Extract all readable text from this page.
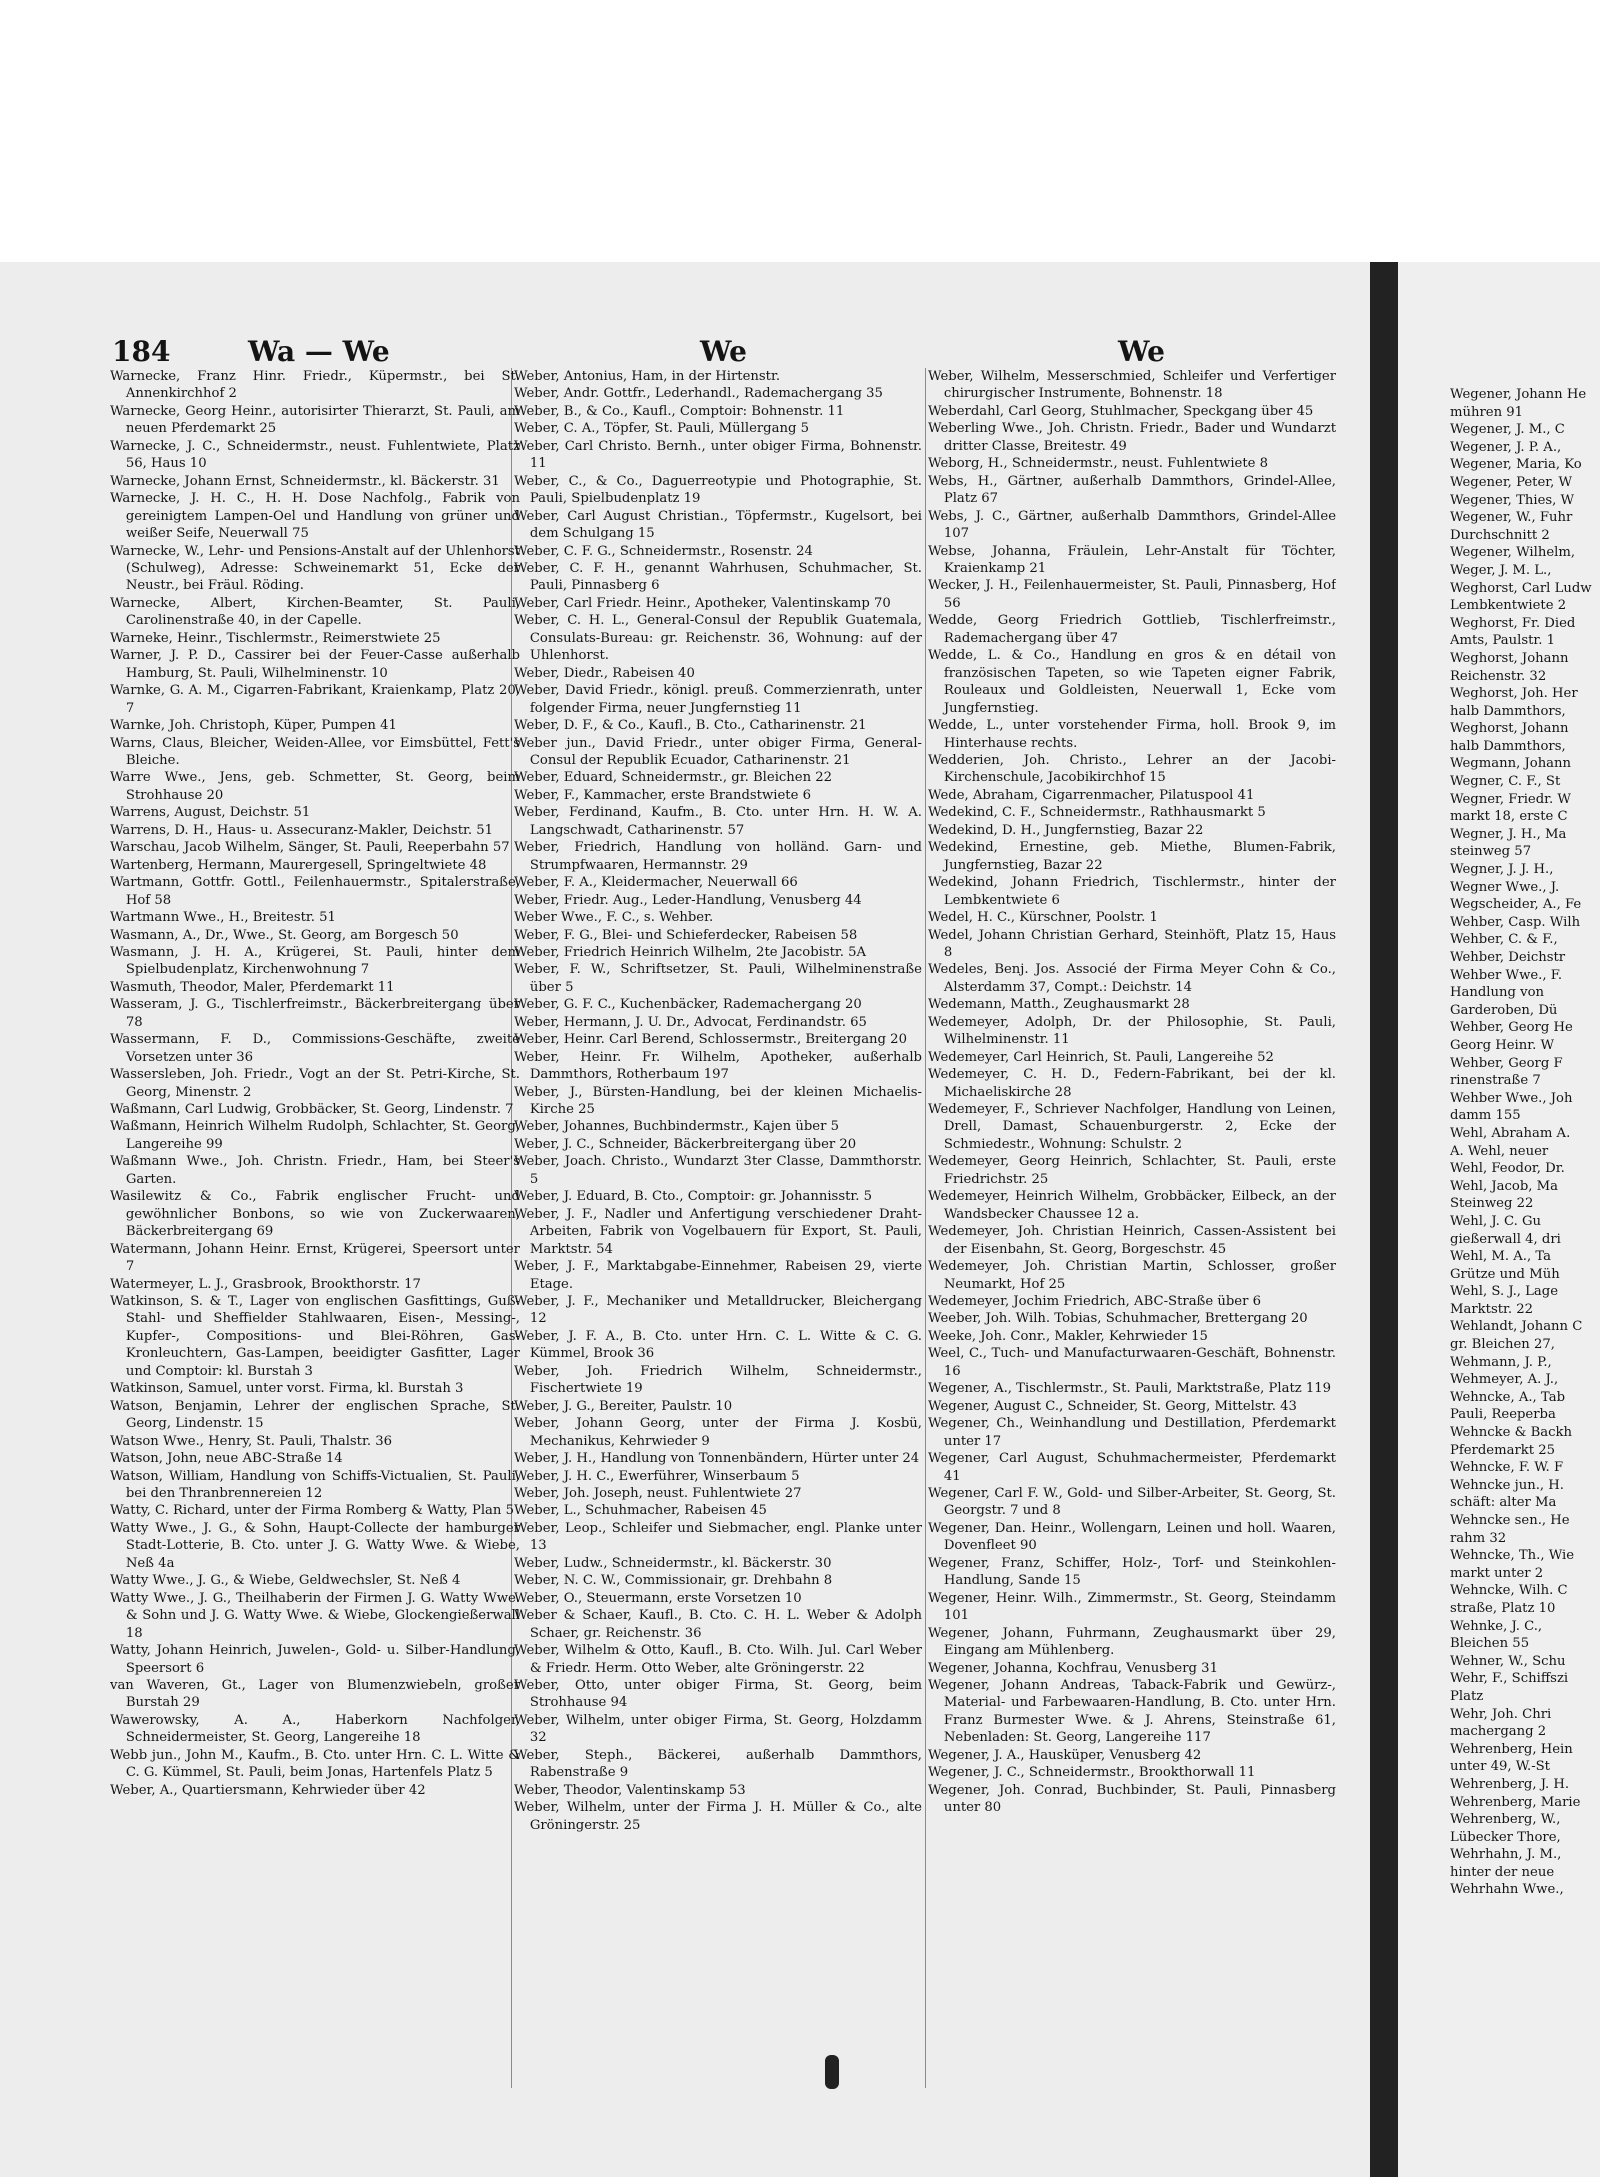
184	Wa — We	We	We

Warnecke, Franz Hinr. Friedr., Küpermstr., bei St. Annenkirchhof 2

Warnecke, Georg Heinr., autorisirter Thierarzt, St. Pauli, am neuen Pferdemarkt 25

Warnecke, J. C., Schneidermstr., neust. Fuhlentwiete, Platz 56, Haus 10

Warnecke, Johann Ernst, Schneidermstr., kl. Bäckerstr. 31

Warnecke, J. H. C., H. H. Dose Nachfolg., Fabrik von gereinigtem Lampen-Oel und Handlung von grüner und weißer Seife, Neuerwall 75

Warnecke, W., Lehr- und Pensions-Anstalt auf der Uhlenhorst (Schulweg), Adresse: Schweinemarkt 51, Ecke der Neustr., bei Fräul. Röding.

Warnecke, Albert, Kirchen-Beamter, St. Pauli, Carolinenstraße 40, in der Capelle.

Warneke, Heinr., Tischlermstr., Reimerstwiete 25

Warner, J. P. D., Cassirer bei der Feuer-Casse außerhalb Hamburg, St. Pauli, Wilhelminenstr. 10

Warnke, G. A. M., Cigarren-Fabrikant, Kraienkamp, Platz 20, 7

Warnke, Joh. Christoph, Küper, Pumpen 41

Warns, Claus, Bleicher, Weiden-Allee, vor Eimsbüttel, Fett's Bleiche.

Warre Wwe., Jens, geb. Schmetter, St. Georg, beim Strohhause 20

Warrens, August, Deichstr. 51

Warrens, D. H., Haus- u. Assecuranz-Makler, Deichstr. 51

Warschau, Jacob Wilhelm, Sänger, St. Pauli, Reeperbahn 57

Wartenberg, Hermann, Maurergesell, Springeltwiete 48

Wartmann, Gottfr. Gottl., Feilenhauermstr., Spitalerstraße, Hof 58

Wartmann Wwe., H., Breitestr. 51

Wasmann, A., Dr., Wwe., St. Georg, am Borgesch 50

Wasmann, J. H. A., Krügerei, St. Pauli, hinter dem Spielbudenplatz, Kirchenwohnung 7

Wasmuth, Theodor, Maler, Pferdemarkt 11

Wasseram, J. G., Tischlerfreimstr., Bäckerbreitergang über 78

Wassermann, F. D., Commissions-Geschäfte, zweite Vorsetzen unter 36

Wassersleben, Joh. Friedr., Vogt an der St. Petri-Kirche, St. Georg, Minenstr. 2

Waßmann, Carl Ludwig, Grobbäcker, St. Georg, Lindenstr. 7

Waßmann, Heinrich Wilhelm Rudolph, Schlachter, St. Georg, Langereihe 99

Waßmann Wwe., Joh. Christn. Friedr., Ham, bei Steer's Garten.

Wasilewitz & Co., Fabrik englischer Frucht- und gewöhnlicher Bonbons, so wie von Zuckerwaaren, Bäckerbreitergang 69

Watermann, Johann Heinr. Ernst, Krügerei, Speersort unter 7

Watermeyer, L. J., Grasbrook, Brookthorstr. 17

Watkinson, S. & T., Lager von englischen Gasfittings, Guß-Stahl- und Sheffielder Stahlwaaren, Eisen-, Messing-, Kupfer-, Compositions- und Blei-Röhren, Gas-Kronleuchtern, Gas-Lampen, beeidigter Gasfitter, Lager und Comptoir: kl. Burstah 3

Watkinson, Samuel, unter vorst. Firma, kl. Burstah 3

Watson, Benjamin, Lehrer der englischen Sprache, St. Georg, Lindenstr. 15

Watson Wwe., Henry, St. Pauli, Thalstr. 36

Watson, John, neue ABC-Straße 14

Watson, William, Handlung von Schiffs-Victualien, St. Pauli, bei den Thranbrennereien 12

Watty, C. Richard, unter der Firma Romberg & Watty, Plan 5

Watty Wwe., J. G., & Sohn, Haupt-Collecte der hamburger Stadt-Lotterie, B. Cto. unter J. G. Watty Wwe. & Wiebe, Neß 4a

Watty Wwe., J. G., & Wiebe, Geldwechsler, St. Neß 4

Watty Wwe., J. G., Theilhaberin der Firmen J. G. Watty Wwe. & Sohn und J. G. Watty Wwe. & Wiebe, Glockengießerwall 18

Watty, Johann Heinrich, Juwelen-, Gold- u. Silber-Handlung, Speersort 6

van Waveren, Gt., Lager von Blumenzwiebeln, großer Burstah 29

Wawerowsky, A. A., Haberkorn Nachfolger, Schneidermeister, St. Georg, Langereihe 18

Webb jun., John M., Kaufm., B. Cto. unter Hrn. C. L. Witte & C. G. Kümmel, St. Pauli, beim Jonas, Hartenfels Platz 5

Weber, A., Quartiersmann, Kehrwieder über 42

Weber, Antonius, Ham, in der Hirtenstr.

Weber, Andr. Gottfr., Lederhandl., Rademachergang 35

Weber, B., & Co., Kaufl., Comptoir: Bohnenstr. 11

Weber, C. A., Töpfer, St. Pauli, Müllergang 5

Weber, Carl Christo. Bernh., unter obiger Firma, Bohnenstr. 11

Weber, C., & Co., Daguerreotypie und Photographie, St. Pauli, Spielbudenplatz 19

Weber, Carl August Christian., Töpfermstr., Kugelsort, bei dem Schulgang 15

Weber, C. F. G., Schneidermstr., Rosenstr. 24

Weber, C. F. H., genannt Wahrhusen, Schuhmacher, St. Pauli, Pinnasberg 6

Weber, Carl Friedr. Heinr., Apotheker, Valentinskamp 70

Weber, C. H. L., General-Consul der Republik Guatemala, Consulats-Bureau: gr. Reichenstr. 36, Wohnung: auf der Uhlenhorst.

Weber, Diedr., Rabeisen 40

Weber, David Friedr., königl. preuß. Commerzienrath, unter folgender Firma, neuer Jungfernstieg 11

Weber, D. F., & Co., Kaufl., B. Cto., Catharinenstr. 21

Weber jun., David Friedr., unter obiger Firma, General-Consul der Republik Ecuador, Catharinenstr. 21

Weber, Eduard, Schneidermstr., gr. Bleichen 22

Weber, F., Kammacher, erste Brandstwiete 6

Weber, Ferdinand, Kaufm., B. Cto. unter Hrn. H. W. A. Langschwadt, Catharinenstr. 57

Weber, Friedrich, Handlung von holländ. Garn- und Strumpfwaaren, Hermannstr. 29

Weber, F. A., Kleidermacher, Neuerwall 66

Weber, Friedr. Aug., Leder-Handlung, Venusberg 44

Weber Wwe., F. C., s. Wehber.

Weber, F. G., Blei- und Schieferdecker, Rabeisen 58

Weber, Friedrich Heinrich Wilhelm, 2te Jacobistr. 5A

Weber, F. W., Schriftsetzer, St. Pauli, Wilhelminenstraße über 5

Weber, G. F. C., Kuchenbäcker, Rademachergang 20

Weber, Hermann, J. U. Dr., Advocat, Ferdinandstr. 65

Weber, Heinr. Carl Berend, Schlossermstr., Breitergang 20

Weber, Heinr. Fr. Wilhelm, Apotheker, außerhalb Dammthors, Rotherbaum 197

Weber, J., Bürsten-Handlung, bei der kleinen Michaelis-Kirche 25

Weber, Johannes, Buchbindermstr., Kajen über 5

Weber, J. C., Schneider, Bäckerbreitergang über 20

Weber, Joach. Christo., Wundarzt 3ter Classe, Dammthorstr. 5

Weber, J. Eduard, B. Cto., Comptoir: gr. Johannisstr. 5

Weber, J. F., Nadler und Anfertigung verschiedener Draht-Arbeiten, Fabrik von Vogelbauern für Export, St. Pauli, Marktstr. 54

Weber, J. F., Marktabgabe-Einnehmer, Rabeisen 29, vierte Etage.

Weber, J. F., Mechaniker und Metalldrucker, Bleichergang 12

Weber, J. F. A., B. Cto. unter Hrn. C. L. Witte & C. G. Kümmel, Brook 36

Weber, Joh. Friedrich Wilhelm, Schneidermstr., Fischertwiete 19

Weber, J. G., Bereiter, Paulstr. 10

Weber, Johann Georg, unter der Firma J. Kosbü, Mechanikus, Kehrwieder 9

Weber, J. H., Handlung von Tonnenbändern, Hürter unter 24

Weber, J. H. C., Ewerführer, Winserbaum 5

Weber, Joh. Joseph, neust. Fuhlentwiete 27

Weber, L., Schuhmacher, Rabeisen 45

Weber, Leop., Schleifer und Siebmacher, engl. Planke unter 13

Weber, Ludw., Schneidermstr., kl. Bäckerstr. 30

Weber, N. C. W., Commissionair, gr. Drehbahn 8

Weber, O., Steuermann, erste Vorsetzen 10

Weber & Schaer, Kaufl., B. Cto. C. H. L. Weber & Adolph Schaer, gr. Reichenstr. 36

Weber, Wilhelm & Otto, Kaufl., B. Cto. Wilh. Jul. Carl Weber & Friedr. Herm. Otto Weber, alte Gröningerstr. 22

Weber, Otto, unter obiger Firma, St. Georg, beim Strohhause 94

Weber, Wilhelm, unter obiger Firma, St. Georg, Holzdamm 32

Weber, Steph., Bäckerei, außerhalb Dammthors, Rabenstraße 9

Weber, Theodor, Valentinskamp 53

Weber, Wilhelm, unter der Firma J. H. Müller & Co., alte Gröningerstr. 25

Weber, Wilhelm, Messerschmied, Schleifer und Verfertiger chirurgischer Instrumente, Bohnenstr. 18

Weberdahl, Carl Georg, Stuhlmacher, Speckgang über 45

Weberling Wwe., Joh. Christn. Friedr., Bader und Wundarzt dritter Classe, Breitestr. 49

Weborg, H., Schneidermstr., neust. Fuhlentwiete 8

Webs, H., Gärtner, außerhalb Dammthors, Grindel-Allee, Platz 67

Webs, J. C., Gärtner, außerhalb Dammthors, Grindel-Allee 107

Webse, Johanna, Fräulein, Lehr-Anstalt für Töchter, Kraienkamp 21

Wecker, J. H., Feilenhauermeister, St. Pauli, Pinnasberg, Hof 56

Wedde, Georg Friedrich Gottlieb, Tischlerfreimstr., Rademachergang über 47

Wedde, L. & Co., Handlung en gros & en détail von französischen Tapeten, so wie Tapeten eigner Fabrik, Rouleaux und Goldleisten, Neuerwall 1, Ecke vom Jungfernstieg.

Wedde, L., unter vorstehender Firma, holl. Brook 9, im Hinterhause rechts.

Wedderien, Joh. Christo., Lehrer an der Jacobi-Kirchenschule, Jacobikirchhof 15

Wede, Abraham, Cigarrenmacher, Pilatuspool 41

Wedekind, C. F., Schneidermstr., Rathhausmarkt 5

Wedekind, D. H., Jungfernstieg, Bazar 22

Wedekind, Ernestine, geb. Miethe, Blumen-Fabrik, Jungfernstieg, Bazar 22

Wedekind, Johann Friedrich, Tischlermstr., hinter der Lembkentwiete 6

Wedel, H. C., Kürschner, Poolstr. 1

Wedel, Johann Christian Gerhard, Steinhöft, Platz 15, Haus 8

Wedeles, Benj. Jos. Associé der Firma Meyer Cohn & Co., Alsterdamm 37, Compt.: Deichstr. 14

Wedemann, Matth., Zeughausmarkt 28

Wedemeyer, Adolph, Dr. der Philosophie, St. Pauli, Wilhelminenstr. 11

Wedemeyer, Carl Heinrich, St. Pauli, Langereihe 52

Wedemeyer, C. H. D., Federn-Fabrikant, bei der kl. Michaeliskirche 28

Wedemeyer, F., Schriever Nachfolger, Handlung von Leinen, Drell, Damast, Schauenburgerstr. 2, Ecke der Schmiedestr., Wohnung: Schulstr. 2

Wedemeyer, Georg Heinrich, Schlachter, St. Pauli, erste Friedrichstr. 25

Wedemeyer, Heinrich Wilhelm, Grobbäcker, Eilbeck, an der Wandsbecker Chaussee 12 a.

Wedemeyer, Joh. Christian Heinrich, Cassen-Assistent bei der Eisenbahn, St. Georg, Borgeschstr. 45

Wedemeyer, Joh. Christian Martin, Schlosser, großer Neumarkt, Hof 25

Wedemeyer, Jochim Friedrich, ABC-Straße über 6

Weeber, Joh. Wilh. Tobias, Schuhmacher, Brettergang 20

Weeke, Joh. Conr., Makler, Kehrwieder 15

Weel, C., Tuch- und Manufacturwaaren-Geschäft, Bohnenstr. 16

Wegener, A., Tischlermstr., St. Pauli, Marktstraße, Platz 119

Wegener, August C., Schneider, St. Georg, Mittelstr. 43

Wegener, Ch., Weinhandlung und Destillation, Pferdemarkt unter 17

Wegener, Carl August, Schuhmachermeister, Pferdemarkt 41

Wegener, Carl F. W., Gold- und Silber-Arbeiter, St. Georg, St. Georgstr. 7 und 8

Wegener, Dan. Heinr., Wollengarn, Leinen und holl. Waaren, Dovenfleet 90

Wegener, Franz, Schiffer, Holz-, Torf- und Steinkohlen-Handlung, Sande 15

Wegener, Heinr. Wilh., Zimmermstr., St. Georg, Steindamm 101

Wegener, Johann, Fuhrmann, Zeughausmarkt über 29, Eingang am Mühlenberg.

Wegener, Johanna, Kochfrau, Venusberg 31

Wegener, Johann Andreas, Taback-Fabrik und Gewürz-, Material- und Farbewaaren-Handlung, B. Cto. unter Hrn. Franz Burmester Wwe. & J. Ahrens, Steinstraße 61, Nebenladen: St. Georg, Langereihe 117

Wegener, J. A., Hausküper, Venusberg 42

Wegener, J. C., Schneidermstr., Brookthorwall 11

Wegener, Joh. Conrad, Buchbinder, St. Pauli, Pinnasberg unter 80

Wegener, Johann He
mühren 91
Wegener, J. M., C
Wegener, J. P. A.,
Wegener, Maria, Ko
Wegener, Peter, W
Wegener, Thies, W
Wegener, W., Fuhr
Durchschnitt 2
Wegener, Wilhelm,
Weger, J. M. L.,
Weghorst, Carl Ludw
Lembkentwiete 2
Weghorst, Fr. Died
Amts, Paulstr. 1
Weghorst, Johann
Reichenstr. 32
Weghorst, Joh. Her
halb Dammthors,
Weghorst, Johann
halb Dammthors,
Wegmann, Johann
Wegner, C. F., St
Wegner, Friedr. W
markt 18, erste C
Wegner, J. H., Ma
steinweg 57
Wegner, J. J. H.,
Wegner Wwe., J.
Wegscheider, A., Fe
Wehber, Casp. Wilh
Wehber, C. & F.,
Wehber, Deichstr
Wehber Wwe., F.
Handlung von
Garderoben, Dü
Wehber, Georg He
Georg Heinr. W
Wehber, Georg F
rinenstraße 7
Wehber Wwe., Joh
damm 155
Wehl, Abraham A.
A. Wehl, neuer
Wehl, Feodor, Dr.
Wehl, Jacob, Ma
Steinweg 22
Wehl, J. C. Gu
gießerwall 4, dri
Wehl, M. A., Ta
Grütze und Müh
Wehl, S. J., Lage
Marktstr. 22
Wehlandt, Johann C
gr. Bleichen 27,
Wehmann, J. P.,
Wehmeyer, A. J.,
Wehncke, A., Tab
Pauli, Reeperba
Wehncke & Backh
Pferdemarkt 25
Wehncke, F. W. F
Wehncke jun., H.
schäft: alter Ma
Wehncke sen., He
rahm 32
Wehncke, Th., Wie
markt unter 2
Wehncke, Wilh. C
straße, Platz 10
Wehnke, J. C.,
Bleichen 55
Wehner, W., Schu
Wehr, F., Schiffszi
Platz
Wehr, Joh. Chri
machergang 2
Wehrenberg, Hein
unter 49, W.-St
Wehrenberg, J. H.
Wehrenberg, Marie
Wehrenberg, W.,
Lübecker Thore,
Wehrhahn, J. M.,
hinter der neue
Wehrhahn Wwe.,
